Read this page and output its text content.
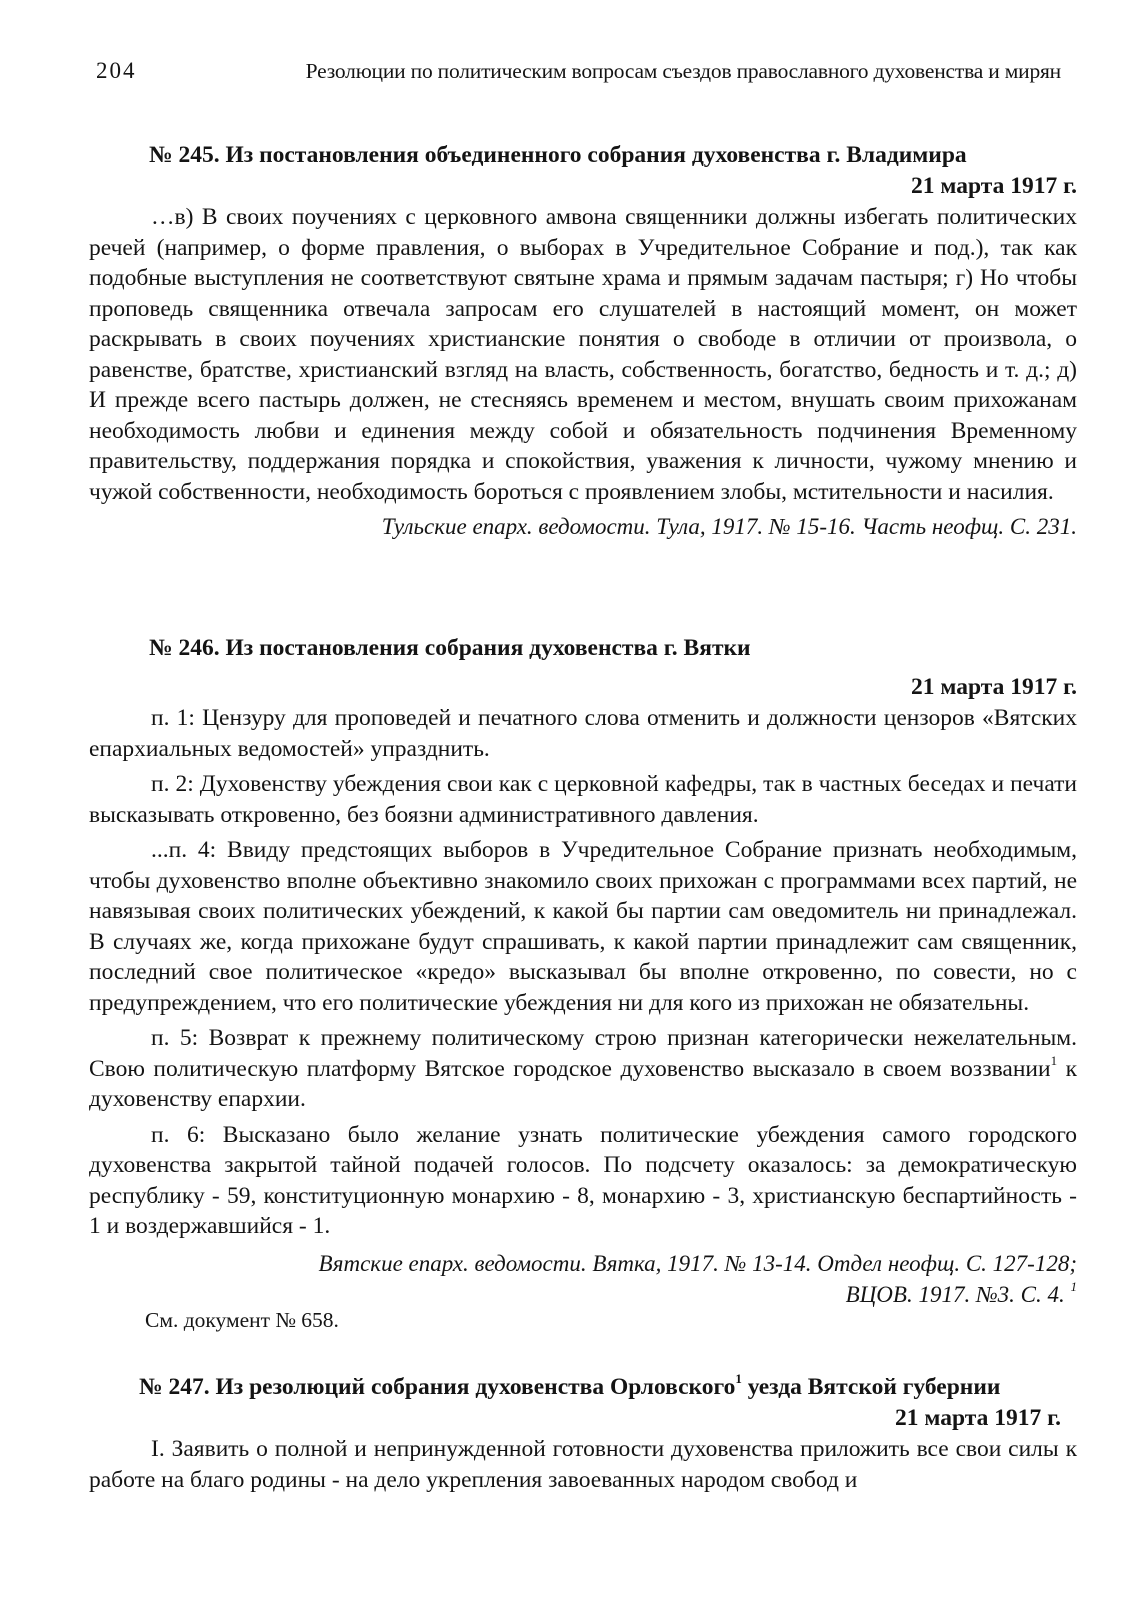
204	Резолюции по политическим вопросам съездов православного духовенства и мирян

№ 245. Из постановления объединенного собрания духовенства г. Владимира

21 марта 1917 г.

…в) В своих поучениях с церковного амвона священники должны избегать политических речей (например, о форме правления, о выборах в Учредительное Собрание и под.), так как подобные выступления не соответствуют святыне храма и прямым задачам пастыря; г) Но чтобы проповедь священника отвечала запросам его слушателей в настоящий момент, он может раскрывать в своих поучениях христианские понятия о свободе в отличии от произвола, о равенстве, братстве, христианский взгляд на власть, собственность, богатство, бедность и т. д.; д) И прежде всего пастырь должен, не стесняясь временем и местом, внушать своим прихожанам необходимость любви и единения между собой и обязательность подчинения Временному правительству, поддержания порядка и спокойствия, уважения к личности, чужому мнению и чужой собственности, необходимость бороться с проявлением злобы, мстительности и насилия.

Тульские епарх. ведомости. Тула, 1917. № 15-16. Часть неофщ. С. 231.

№ 246. Из постановления собрания духовенства г. Вятки

21 марта 1917 г.

п. 1: Цензуру для проповедей и печатного слова отменить и должности цензоров «Вятских епархиальных ведомостей» упразднить.

п. 2: Духовенству убеждения свои как с церковной кафедры, так в частных беседах и печати высказывать откровенно, без боязни административного давления.

...п. 4: Ввиду предстоящих выборов в Учредительное Собрание признать необходимым, чтобы духовенство вполне объективно знакомило своих прихожан с программами всех партий, не навязывая своих политических убеждений, к какой бы партии сам оведомитель ни принадлежал. В случаях же, когда прихожане будут спрашивать, к какой партии принадлежит сам священник, последний свое политическое «кредо» высказывал бы вполне откровенно, по совести, но с предупреждением, что его политические убеждения ни для кого из прихожан не обязательны.

п. 5: Возврат к прежнему политическому строю признан категорически нежелательным. Свою политическую платформу Вятское городское духовенство высказало в своем воззвании$^1$ к духовенству епархии.

п. 6: Высказано было желание узнать политические убеждения самого городского духовенства закрытой тайной подачей голосов. По подсчету оказалось: за демократическую республику - 59, конституционную монархию - 8, монархию - 3, христианскую беспартийность - 1 и воздержавшийся - 1.

Вятские епарх. ведомости. Вятка, 1917. № 13-14. Отдел неофщ. С. 127-128;

ВЦОВ. 1917. №3. С. 4. $^1$

См. документ № 658.

№ 247. Из резолюций собрания духовенства Орловского$^1$ уезда Вятской губернии

21 марта 1917 г.

I. Заявить о полной и непринужденной готовности духовенства приложить все свои силы к работе на благо родины - на дело укрепления завоеванных народом свобод и
